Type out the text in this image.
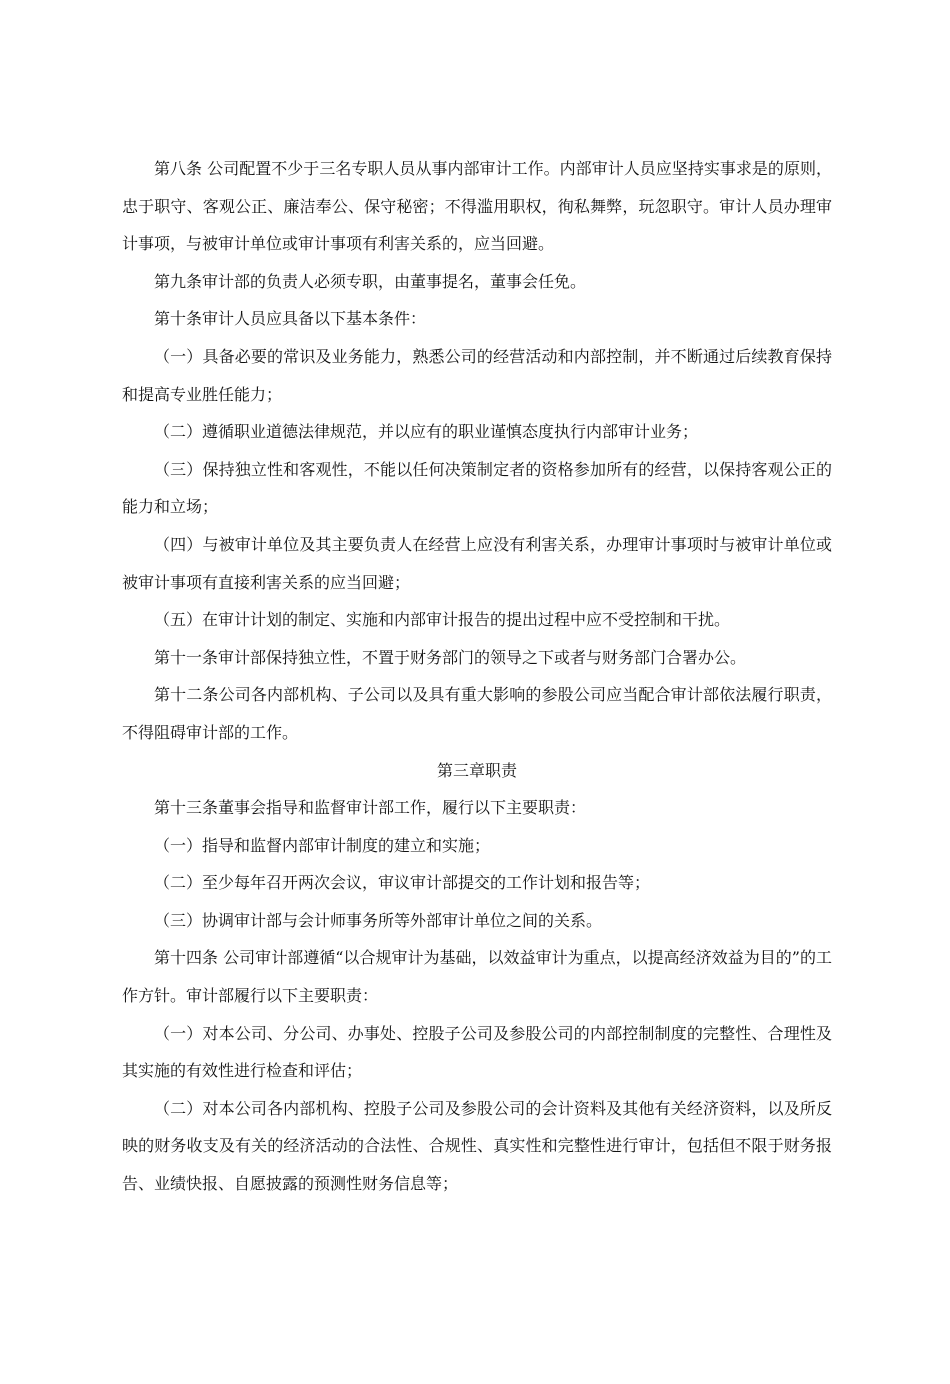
第八条 公司配置不少于三名专职人员从事内部审计工作。内部审计人员应坚持实事求是的原则，忠于职守、客观公正、廉洁奉公、保守秘密；不得滥用职权，徇私舞弊，玩忽职守。审计人员办理审计事项，与被审计单位或审计事项有利害关系的，应当回避。

第九条审计部的负责人必须专职，由董事提名，董事会任免。

第十条审计人员应具备以下基本条件：

（一）具备必要的常识及业务能力，熟悉公司的经营活动和内部控制，并不断通过后续教育保持和提高专业胜任能力；

（二）遵循职业道德法律规范，并以应有的职业谨慎态度执行内部审计业务；

（三）保持独立性和客观性，不能以任何决策制定者的资格参加所有的经营，以保持客观公正的能力和立场；

（四）与被审计单位及其主要负责人在经营上应没有利害关系，办理审计事项时与被审计单位或被审计事项有直接利害关系的应当回避；

（五）在审计计划的制定、实施和内部审计报告的提出过程中应不受控制和干扰。

第十一条审计部保持独立性，不置于财务部门的领导之下或者与财务部门合署办公。

第十二条公司各内部机构、子公司以及具有重大影响的参股公司应当配合审计部依法履行职责，不得阻碍审计部的工作。

第三章职责

第十三条董事会指导和监督审计部工作，履行以下主要职责：

（一）指导和监督内部审计制度的建立和实施；

（二）至少每年召开两次会议，审议审计部提交的工作计划和报告等；

（三）协调审计部与会计师事务所等外部审计单位之间的关系。

第十四条 公司审计部遵循“以合规审计为基础，以效益审计为重点，以提高经济效益为目的”的工作方针。审计部履行以下主要职责：

（一）对本公司、分公司、办事处、控股子公司及参股公司的内部控制制度的完整性、合理性及其实施的有效性进行检查和评估；

（二）对本公司各内部机构、控股子公司及参股公司的会计资料及其他有关经济资料，以及所反映的财务收支及有关的经济活动的合法性、合规性、真实性和完整性进行审计，包括但不限于财务报告、业绩快报、自愿披露的预测性财务信息等；
